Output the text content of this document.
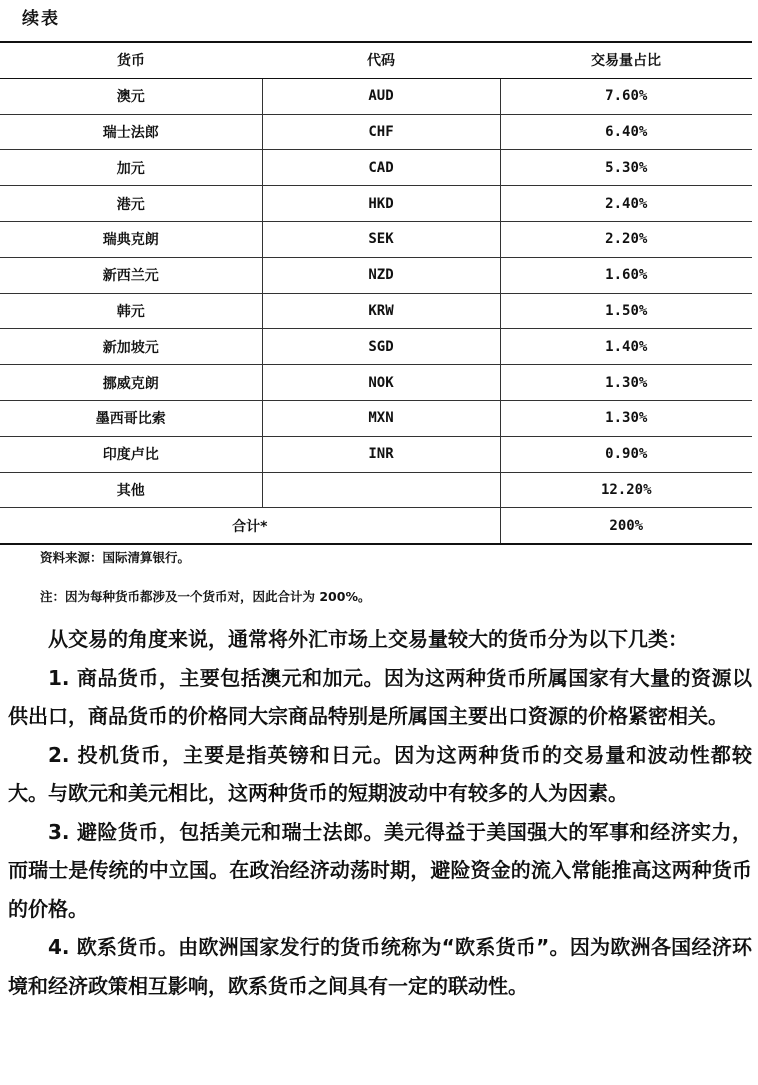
续表
货币	代码	交易量占比
澳元	AUD	7.60%
瑞士法郎	CHF	6.40%
加元	CAD	5.30%
港元	HKD	2.40%
瑞典克朗	SEK	2.20%
新西兰元	NZD	1.60%
韩元	KRW	1.50%
新加坡元	SGD	1.40%
挪威克朗	NOK	1.30%
墨西哥比索	MXN	1.30%
印度卢比	INR	0.90%
其他		12.20%
合计*		200%
资料来源：国际清算银行。
注：因为每种货币都涉及一个货币对，因此合计为 200%。

从交易的角度来说，通常将外汇市场上交易量较大的货币分为以下几类：

1. 商品货币，主要包括澳元和加元。因为这两种货币所属国家有大量的资源以供出口，商品货币的价格同大宗商品特别是所属国主要出口资源的价格紧密相关。

2. 投机货币，主要是指英镑和日元。因为这两种货币的交易量和波动性都较大。与欧元和美元相比，这两种货币的短期波动中有较多的人为因素。

3. 避险货币，包括美元和瑞士法郎。美元得益于美国强大的军事和经济实力，而瑞士是传统的中立国。在政治经济动荡时期，避险资金的流入常能推高这两种货币的价格。

4. 欧系货币。由欧洲国家发行的货币统称为“欧系货币”。因为欧洲各国经济环境和经济政策相互影响，欧系货币之间具有一定的联动性。
